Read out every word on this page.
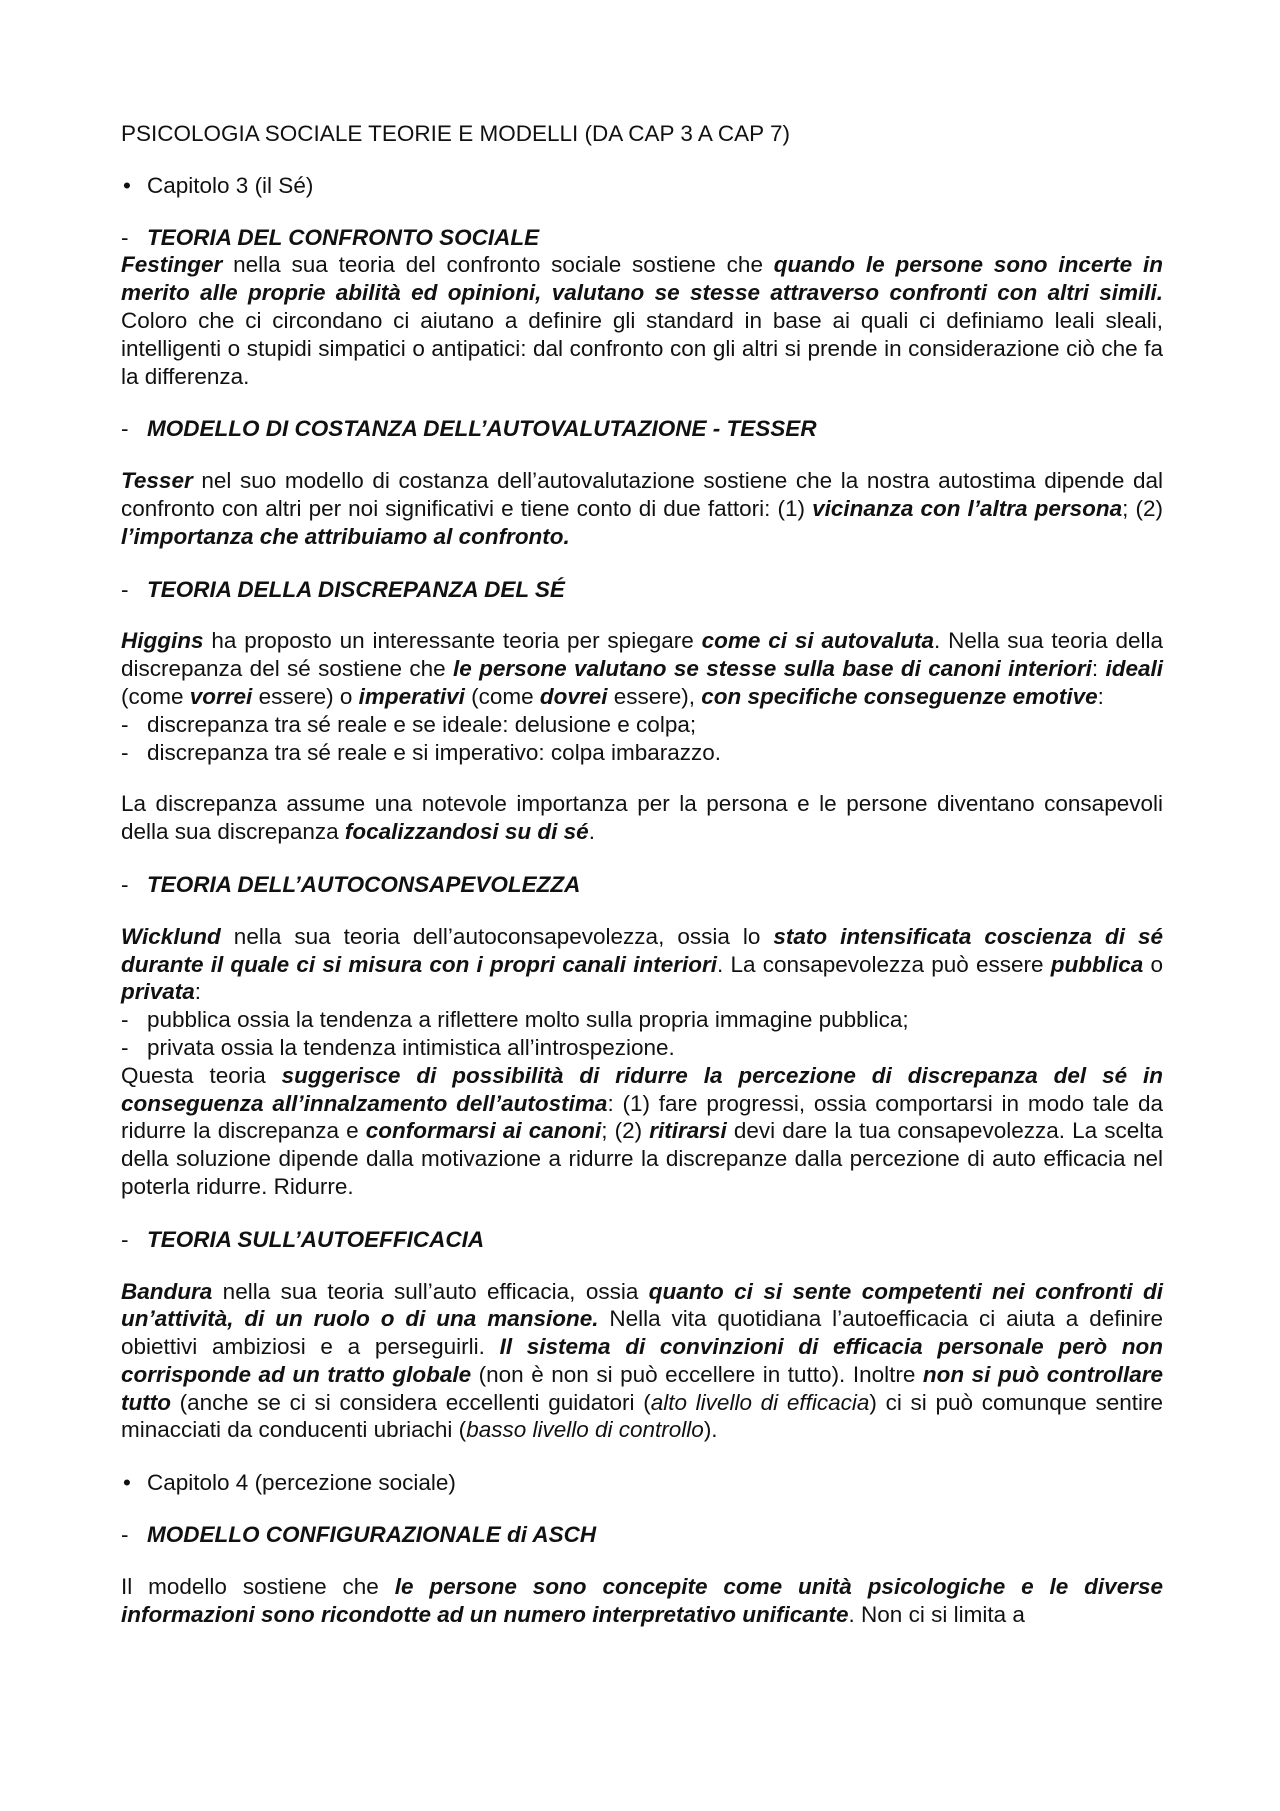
PSICOLOGIA SOCIALE TEORIE E MODELLI (DA CAP 3 A CAP 7)

• Capitolo 3 (il Sé)

- TEORIA DEL CONFRONTO SOCIALE

Festinger nella sua teoria del confronto sociale sostiene che quando le persone sono incerte in merito alle proprie abilità ed opinioni, valutano se stesse attraverso confronti con altri simili. Coloro che ci circondano ci aiutano a definire gli standard in base ai quali ci definiamo leali sleali, intelligenti o stupidi simpatici o antipatici: dal confronto con gli altri si prende in considerazione ciò che fa la differenza.

- MODELLO DI COSTANZA DELL’AUTOVALUTAZIONE - TESSER

Tesser nel suo modello di costanza dell’autovalutazione sostiene che la nostra autostima dipende dal confronto con altri per noi significativi e tiene conto di due fattori: (1) vicinanza con l’altra persona; (2) l’importanza che attribuiamo al confronto.

- TEORIA DELLA DISCREPANZA DEL SÉ

Higgins ha proposto un interessante teoria per spiegare come ci si autovaluta. Nella sua teoria della discrepanza del sé sostiene che le persone valutano se stesse sulla base di canoni interiori: ideali (come vorrei essere) o imperativi (come dovrei essere), con specifiche conseguenze emotive:

- discrepanza tra sé reale e se ideale: delusione e colpa;
- discrepanza tra sé reale e si imperativo: colpa imbarazzo.

La discrepanza assume una notevole importanza per la persona e le persone diventano consapevoli della sua discrepanza focalizzandosi su di sé.

- TEORIA DELL’AUTOCONSAPEVOLEZZA

Wicklund nella sua teoria dell’autoconsapevolezza, ossia lo stato intensificata coscienza di sé durante il quale ci si misura con i propri canali interiori. La consapevolezza può essere pubblica o privata:

- pubblica ossia la tendenza a riflettere molto sulla propria immagine pubblica;
- privata ossia la tendenza intimistica all’introspezione.

Questa teoria suggerisce di possibilità di ridurre la percezione di discrepanza del sé in conseguenza all’innalzamento dell’autostima: (1) fare progressi, ossia comportarsi in modo tale da ridurre la discrepanza e conformarsi ai canoni; (2) ritirarsi devi dare la tua consapevolezza. La scelta della soluzione dipende dalla motivazione a ridurre la discrepanze dalla percezione di auto efficacia nel poterla ridurre. Ridurre.

- TEORIA SULL’AUTOEFFICACIA

Bandura nella sua teoria sull’auto efficacia, ossia quanto ci si sente competenti nei confronti di un’attività, di un ruolo o di una mansione. Nella vita quotidiana l’autoefficacia ci aiuta a definire obiettivi ambiziosi e a perseguirli. Il sistema di convinzioni di efficacia personale però non corrisponde ad un tratto globale (non è non si può eccellere in tutto). Inoltre non si può controllare tutto (anche se ci si considera eccellenti guidatori (alto livello di efficacia) ci si può comunque sentire minacciati da conducenti ubriachi (basso livello di controllo).

• Capitolo 4 (percezione sociale)

- MODELLO CONFIGURAZIONALE di ASCH

Il modello sostiene che le persone sono concepite come unità psicologiche e le diverse informazioni sono ricondotte ad un numero interpretativo unificante. Non ci si limita a
